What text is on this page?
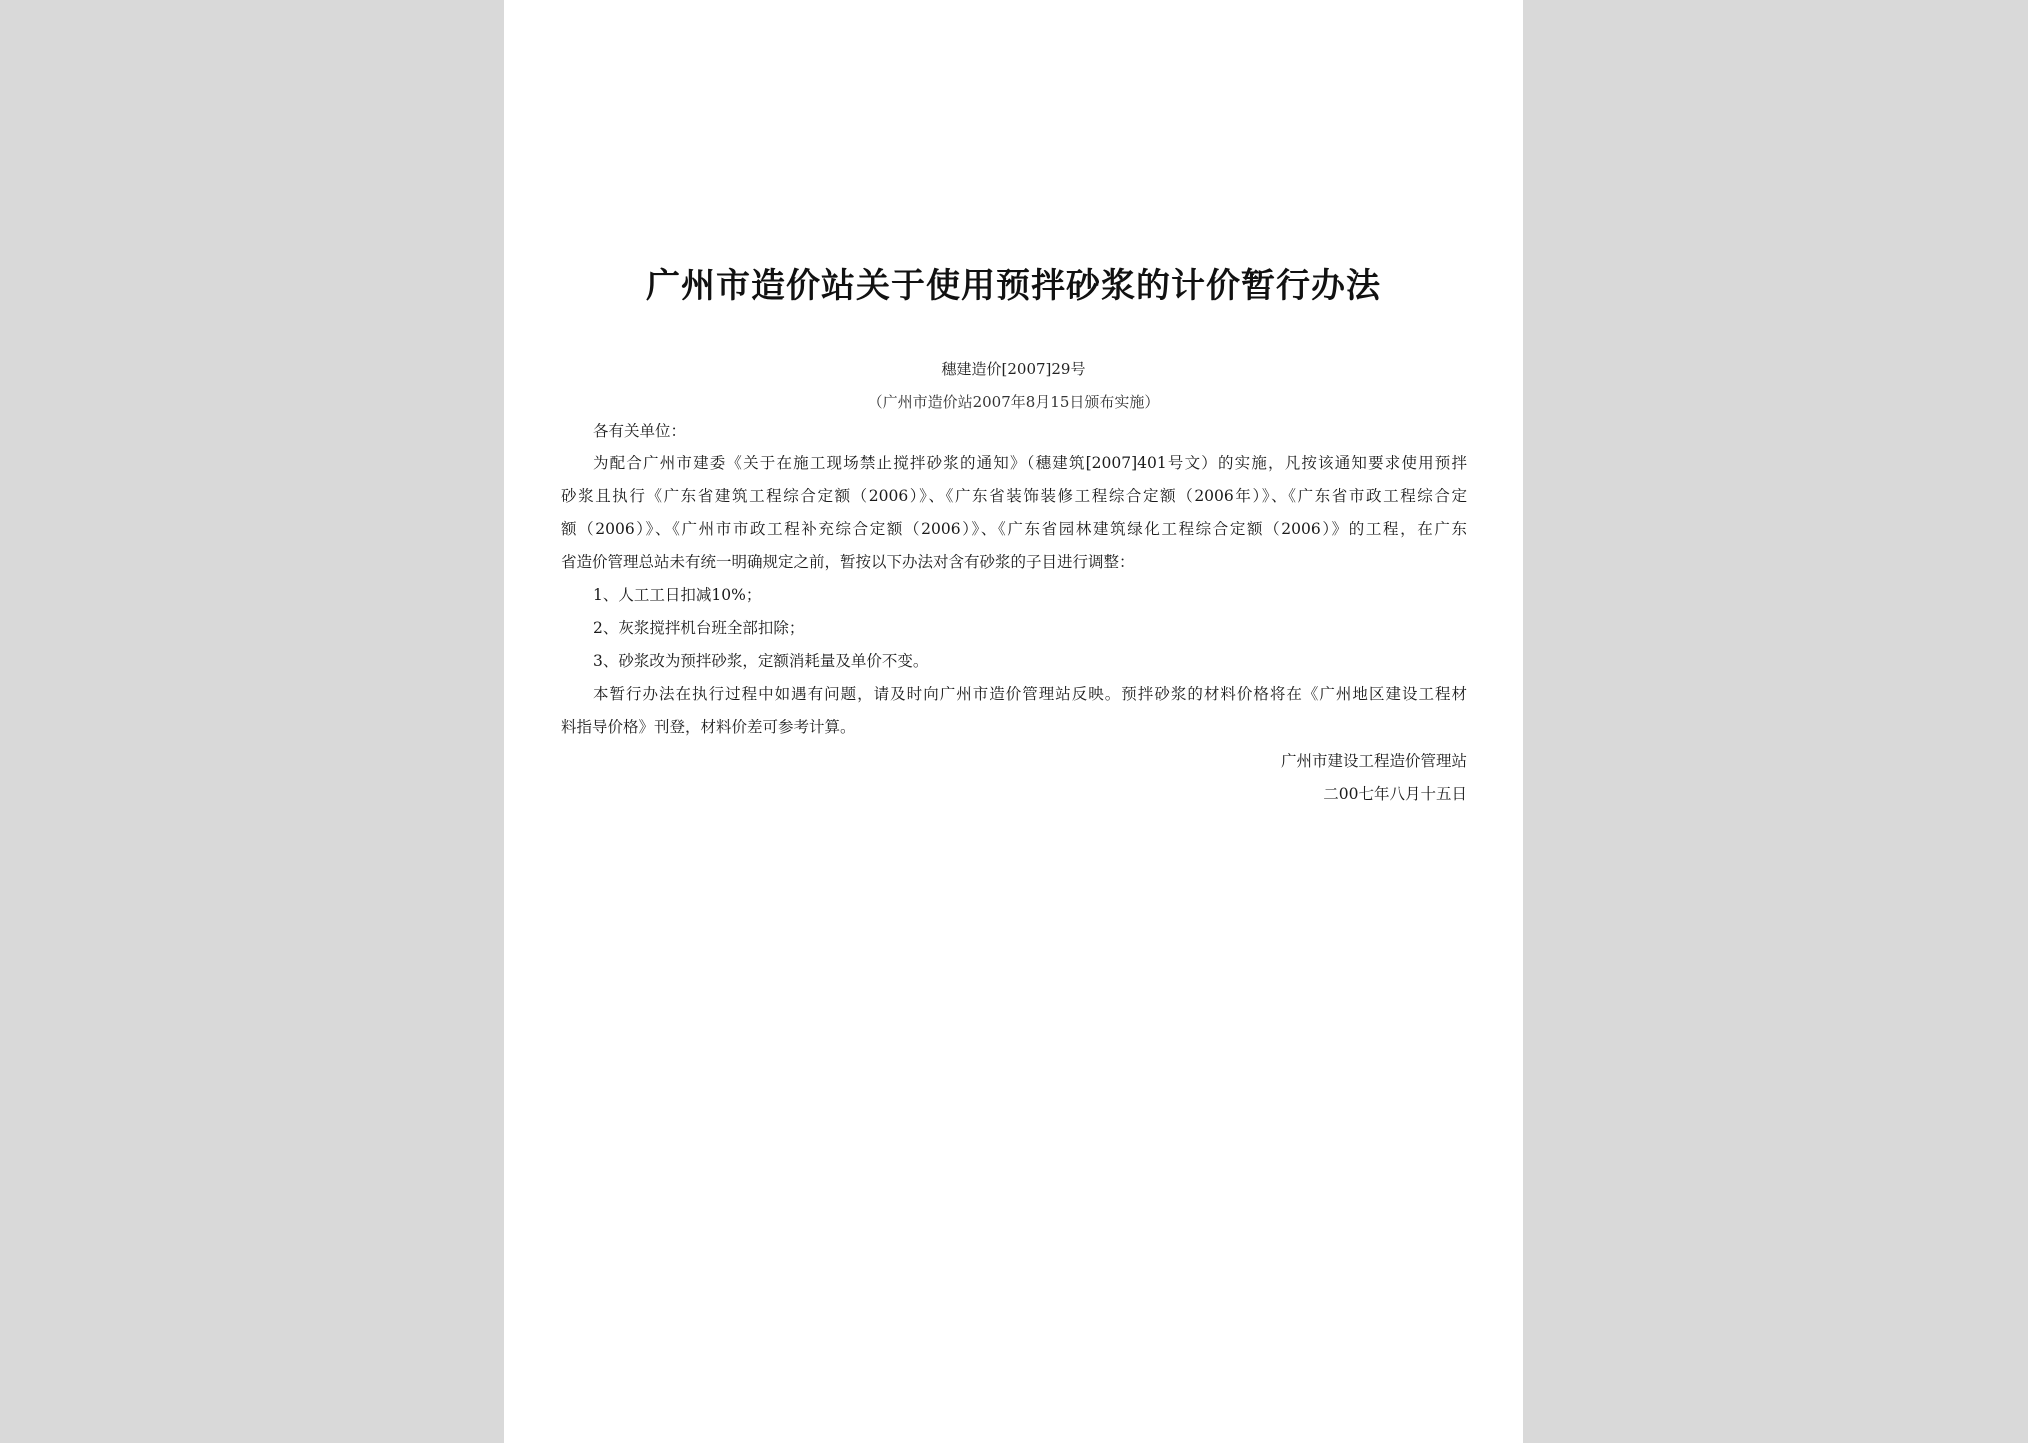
广州市造价站关于使用预拌砂浆的计价暂行办法
穗建造价[2007]29号
（广州市造价站2007年8月15日颁布实施）
各有关单位：
为配合广州市建委《关于在施工现场禁止搅拌砂浆的通知》（穗建筑[2007]401号文）的实施，凡按该通知要求使用预拌
砂浆且执行《广东省建筑工程综合定额（2006）》、《广东省装饰装修工程综合定额（2006年）》、《广东省市政工程综合定
额（2006）》、《广州市市政工程补充综合定额（2006）》、《广东省园林建筑绿化工程综合定额（2006）》的工程，在广东
省造价管理总站未有统一明确规定之前，暂按以下办法对含有砂浆的子目进行调整：
1、人工工日扣减10%；
2、灰浆搅拌机台班全部扣除；
3、砂浆改为预拌砂浆，定额消耗量及单价不变。
本暂行办法在执行过程中如遇有问题，请及时向广州市造价管理站反映。预拌砂浆的材料价格将在《广州地区建设工程材
料指导价格》刊登，材料价差可参考计算。
广州市建设工程造价管理站
二00七年八月十五日
